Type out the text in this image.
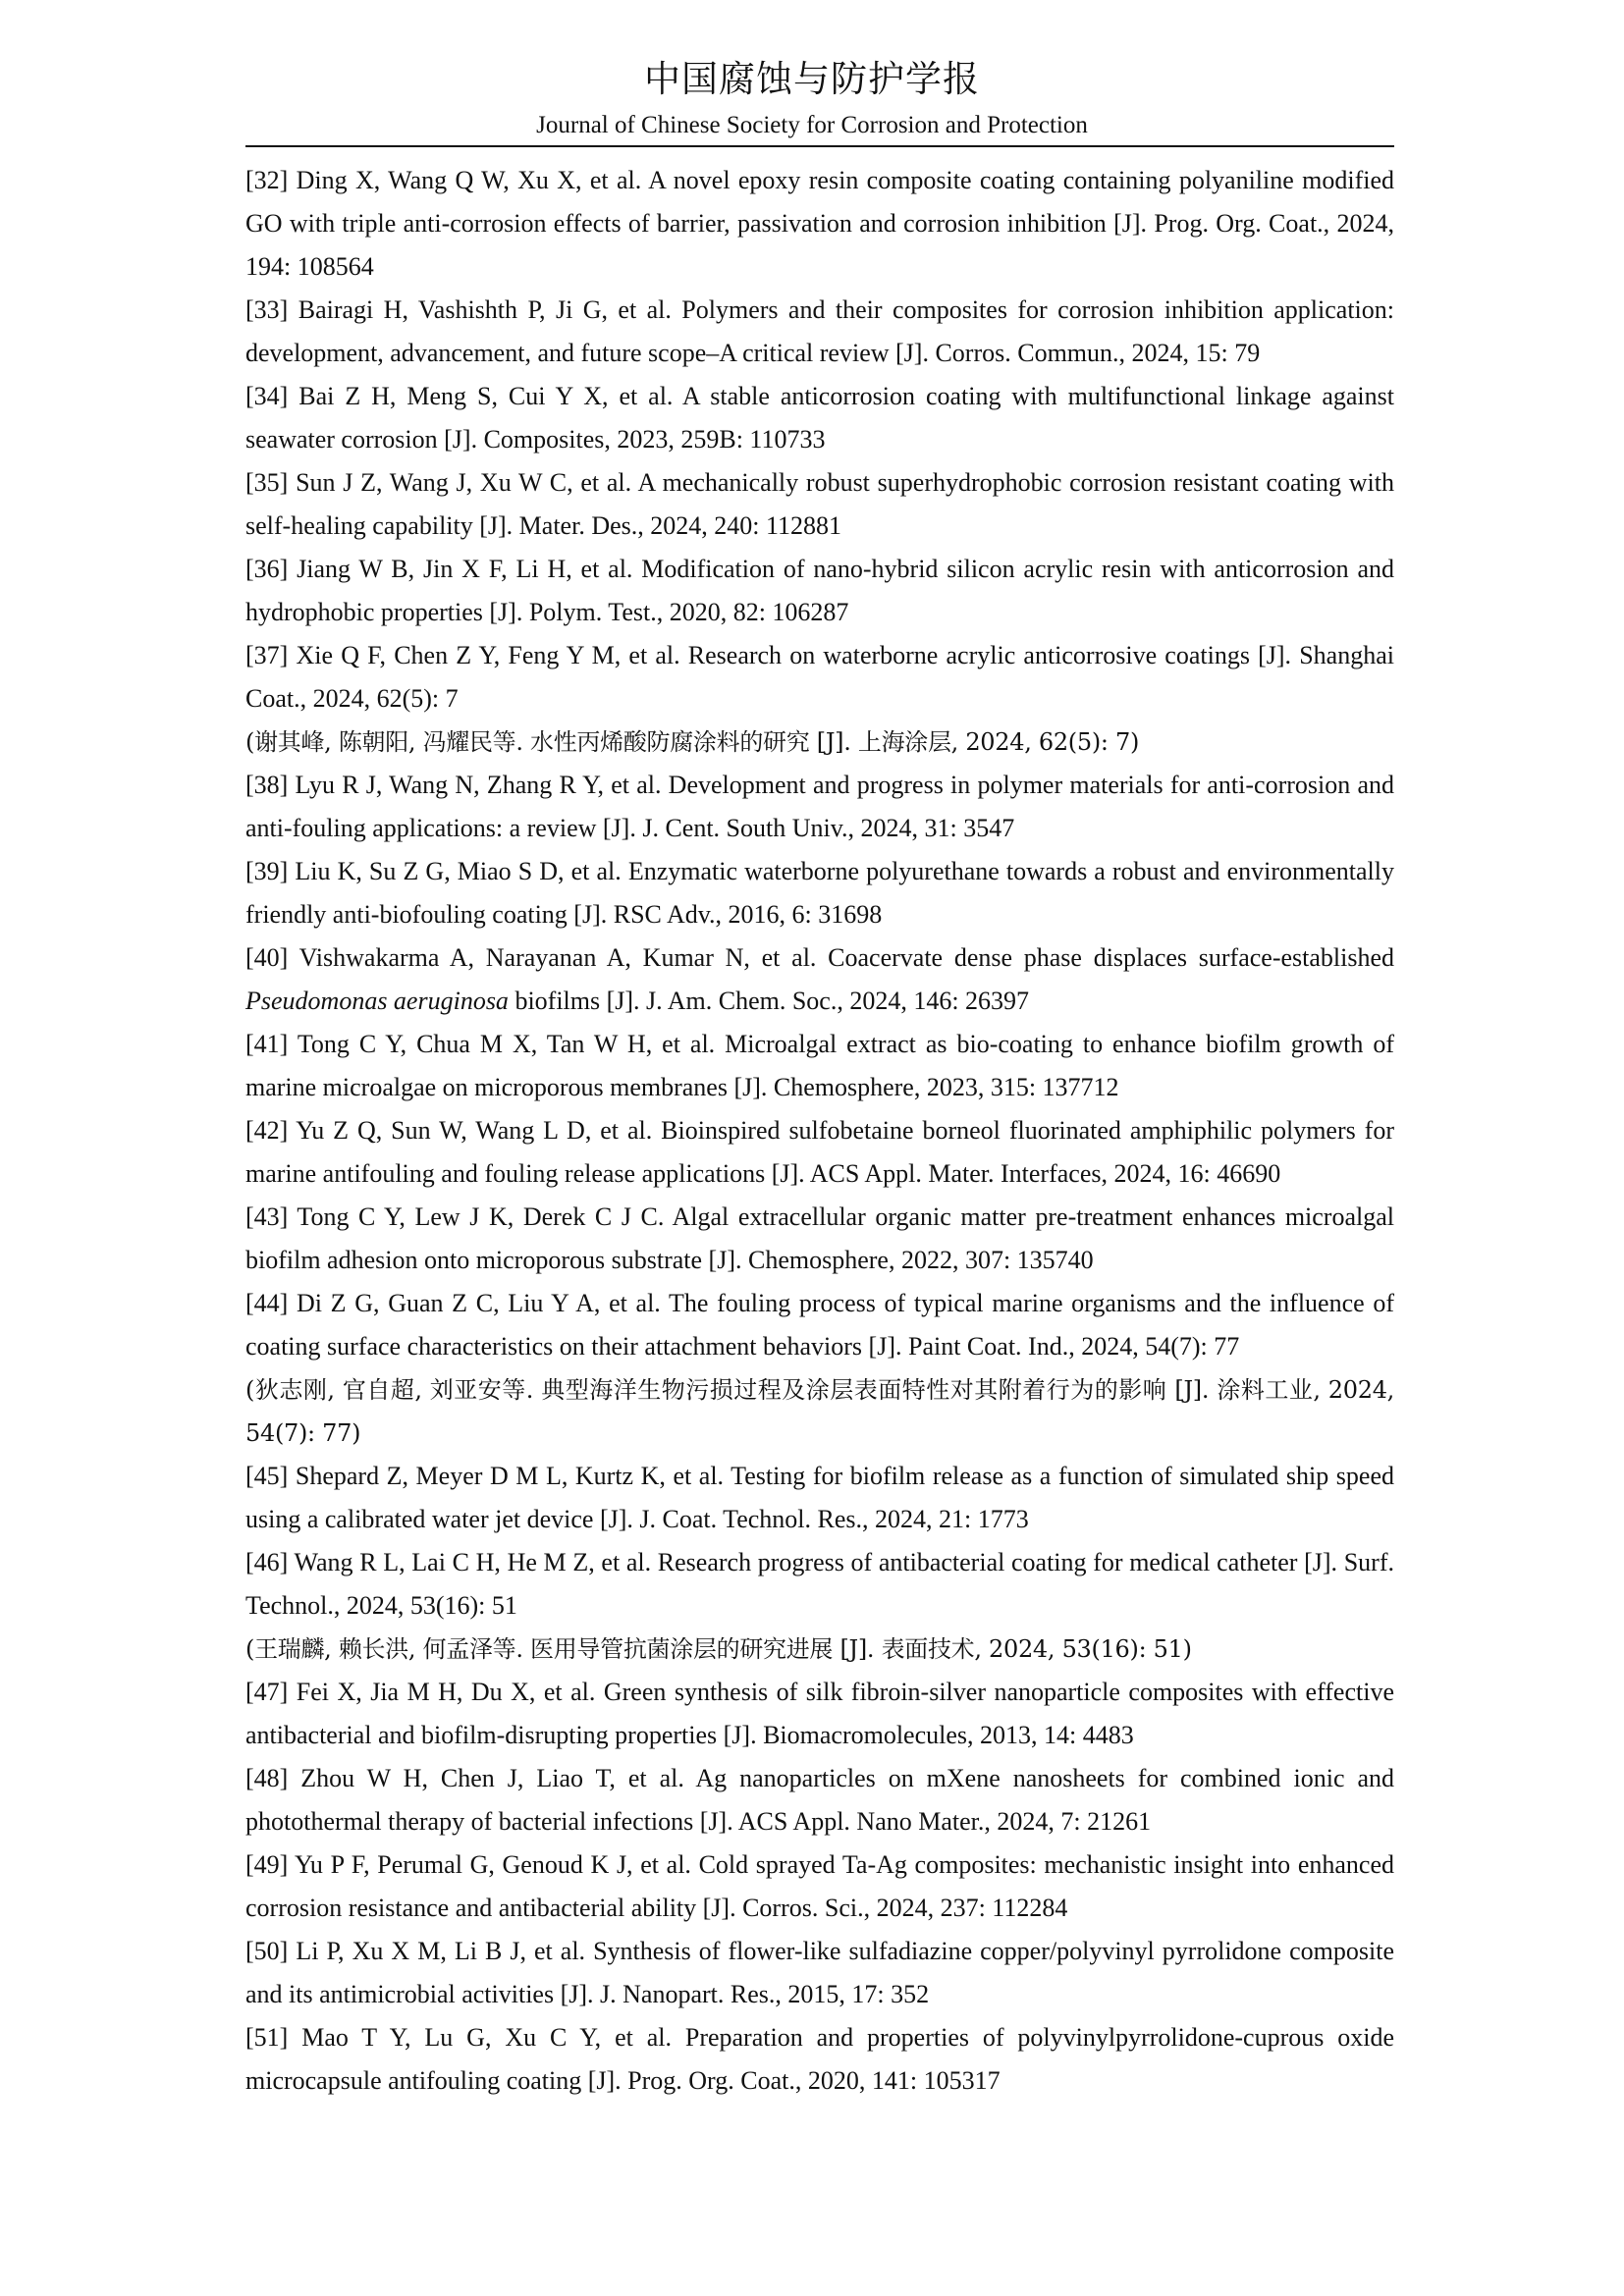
中国腐蚀与防护学报
Journal of Chinese Society for Corrosion and Protection

[32] Ding X, Wang Q W, Xu X, et al. A novel epoxy resin composite coating containing polyaniline modified GO with triple anti-corrosion effects of barrier, passivation and corrosion inhibition [J]. Prog. Org. Coat., 2024, 194: 108564

[33] Bairagi H, Vashishth P, Ji G, et al. Polymers and their composites for corrosion inhibition application: development, advancement, and future scope–A critical review [J]. Corros. Commun., 2024, 15: 79

[34] Bai Z H, Meng S, Cui Y X, et al. A stable anticorrosion coating with multifunctional linkage against seawater corrosion [J]. Composites, 2023, 259B: 110733

[35] Sun J Z, Wang J, Xu W C, et al. A mechanically robust superhydrophobic corrosion resistant coating with self-healing capability [J]. Mater. Des., 2024, 240: 112881

[36] Jiang W B, Jin X F, Li H, et al. Modification of nano-hybrid silicon acrylic resin with anticorrosion and hydrophobic properties [J]. Polym. Test., 2020, 82: 106287

[37] Xie Q F, Chen Z Y, Feng Y M, et al. Research on waterborne acrylic anticorrosive coatings [J]. Shanghai Coat., 2024, 62(5): 7

(谢其峰, 陈朝阳, 冯耀民等. 水性丙烯酸防腐涂料的研究 [J]. 上海涂层, 2024, 62(5): 7)

[38] Lyu R J, Wang N, Zhang R Y, et al. Development and progress in polymer materials for anti-corrosion and anti-fouling applications: a review [J]. J. Cent. South Univ., 2024, 31: 3547

[39] Liu K, Su Z G, Miao S D, et al. Enzymatic waterborne polyurethane towards a robust and environmentally friendly anti-biofouling coating [J]. RSC Adv., 2016, 6: 31698

[40] Vishwakarma A, Narayanan A, Kumar N, et al. Coacervate dense phase displaces surface-established Pseudomonas aeruginosa biofilms [J]. J. Am. Chem. Soc., 2024, 146: 26397

[41] Tong C Y, Chua M X, Tan W H, et al. Microalgal extract as bio-coating to enhance biofilm growth of marine microalgae on microporous membranes [J]. Chemosphere, 2023, 315: 137712

[42] Yu Z Q, Sun W, Wang L D, et al. Bioinspired sulfobetaine borneol fluorinated amphiphilic polymers for marine antifouling and fouling release applications [J]. ACS Appl. Mater. Interfaces, 2024, 16: 46690

[43] Tong C Y, Lew J K, Derek C J C. Algal extracellular organic matter pre-treatment enhances microalgal biofilm adhesion onto microporous substrate [J]. Chemosphere, 2022, 307: 135740

[44] Di Z G, Guan Z C, Liu Y A, et al. The fouling process of typical marine organisms and the influence of coating surface characteristics on their attachment behaviors [J]. Paint Coat. Ind., 2024, 54(7): 77

(狄志刚, 官自超, 刘亚安等. 典型海洋生物污损过程及涂层表面特性对其附着行为的影响 [J]. 涂料工业, 2024, 54(7): 77)

[45] Shepard Z, Meyer D M L, Kurtz K, et al. Testing for biofilm release as a function of simulated ship speed using a calibrated water jet device [J]. J. Coat. Technol. Res., 2024, 21: 1773

[46] Wang R L, Lai C H, He M Z, et al. Research progress of antibacterial coating for medical catheter [J]. Surf. Technol., 2024, 53(16): 51

(王瑞麟, 赖长洪, 何孟泽等. 医用导管抗菌涂层的研究进展 [J]. 表面技术, 2024, 53(16): 51)

[47] Fei X, Jia M H, Du X, et al. Green synthesis of silk fibroin-silver nanoparticle composites with effective antibacterial and biofilm-disrupting properties [J]. Biomacromolecules, 2013, 14: 4483

[48] Zhou W H, Chen J, Liao T, et al. Ag nanoparticles on mXene nanosheets for combined ionic and photothermal therapy of bacterial infections [J]. ACS Appl. Nano Mater., 2024, 7: 21261

[49] Yu P F, Perumal G, Genoud K J, et al. Cold sprayed Ta-Ag composites: mechanistic insight into enhanced corrosion resistance and antibacterial ability [J]. Corros. Sci., 2024, 237: 112284

[50] Li P, Xu X M, Li B J, et al. Synthesis of flower-like sulfadiazine copper/polyvinyl pyrrolidone composite and its antimicrobial activities [J]. J. Nanopart. Res., 2015, 17: 352

[51] Mao T Y, Lu G, Xu C Y, et al. Preparation and properties of polyvinylpyrrolidone-cuprous oxide microcapsule antifouling coating [J]. Prog. Org. Coat., 2020, 141: 105317
